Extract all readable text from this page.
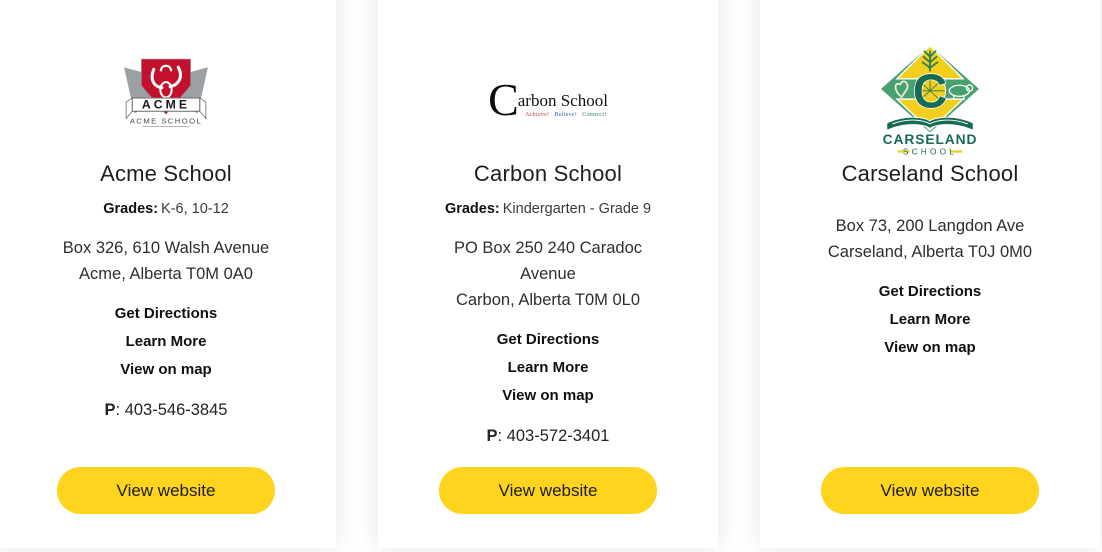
ACME
ACME SCHOOL
Acme School

Grades: K-6, 10-12

Box 326, 610 Walsh Avenue
Acme, Alberta T0M 0A0

Get Directions
Learn More
View on map

P: 403-546-3845

View website
C arbon School
Achieve! Believe! Connect!
Carbon School

Grades: Kindergarten - Grade 9

PO Box 250 240 Caradoc
Avenue
Carbon, Alberta T0M 0L0

Get Directions
Learn More
View on map

P: 403-572-3401

View website
C
CARSELAND
SCHOOL
Carseland School

Box 73, 200 Langdon Ave
Carseland, Alberta T0J 0M0

Get Directions
Learn More
View on map
View website
